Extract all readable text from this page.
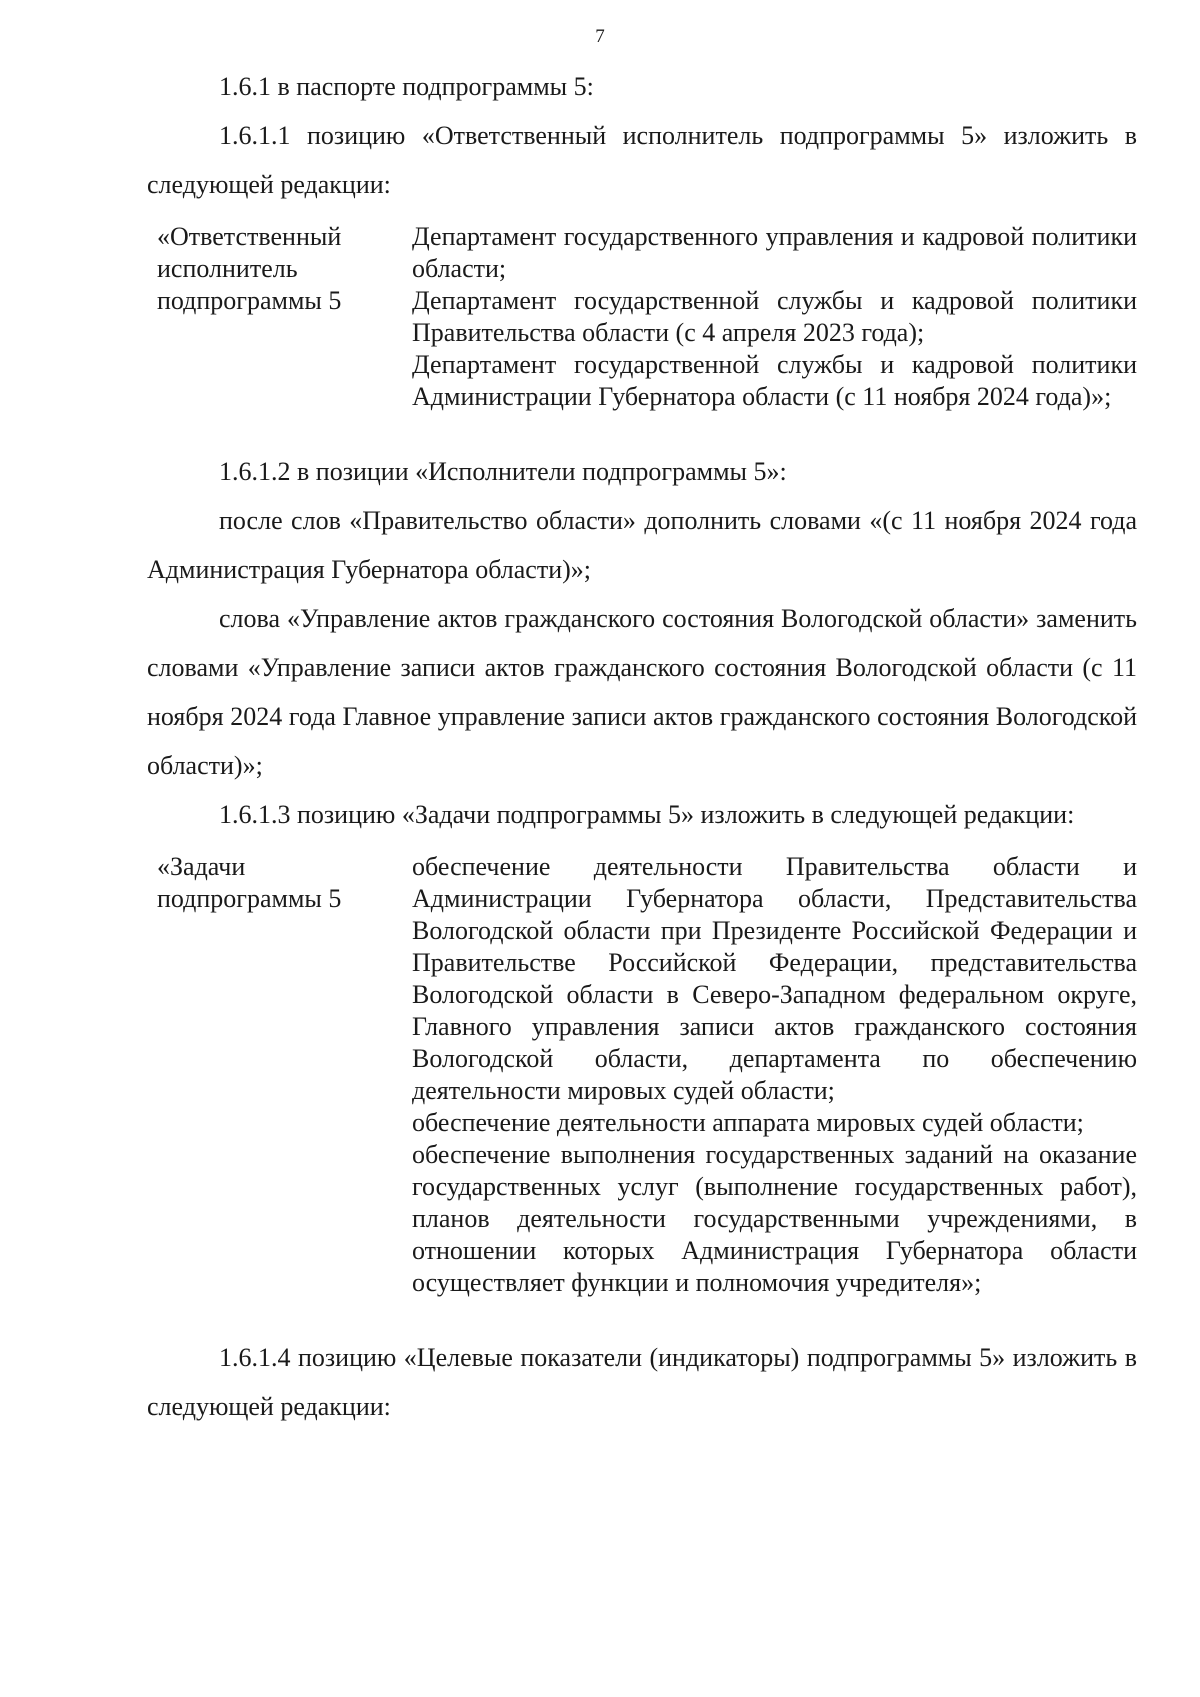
7

1.6.1 в паспорте подпрограммы 5:

1.6.1.1 позицию «Ответственный исполнитель подпрограммы 5» изложить в следующей редакции:

«Ответственный исполнитель подпрограммы 5
Департамент государственного управления и кадровой политики области;
Департамент государственной службы и кадровой политики Правительства области (с 4 апреля 2023 года);
Департамент государственной службы и кадровой политики Администрации Губернатора области (с 11 ноября 2024 года)»;

1.6.1.2 в позиции «Исполнители подпрограммы 5»:

после слов «Правительство области» дополнить словами «(с 11 ноября 2024 года Администрация Губернатора области)»;

слова «Управление актов гражданского состояния Вологодской области» заменить словами «Управление записи актов гражданского состояния Вологодской области (с 11 ноября 2024 года Главное управление записи актов гражданского состояния Вологодской области)»;

1.6.1.3 позицию «Задачи подпрограммы 5» изложить в следующей редакции:

«Задачи подпрограммы 5
обеспечение деятельности Правительства области и Администрации Губернатора области, Представительства Вологодской области при Президенте Российской Федерации и Правительстве Российской Федерации, представительства Вологодской области в Северо-Западном федеральном округе, Главного управления записи актов гражданского состояния Вологодской области, департамента по обеспечению деятельности мировых судей области;
обеспечение деятельности аппарата мировых судей области;
обеспечение выполнения государственных заданий на оказание государственных услуг (выполнение государственных работ), планов деятельности государственными учреждениями, в отношении которых Администрация Губернатора области осуществляет функции и полномочия учредителя»;

1.6.1.4 позицию «Целевые показатели (индикаторы) подпрограммы 5» изложить в следующей редакции:
